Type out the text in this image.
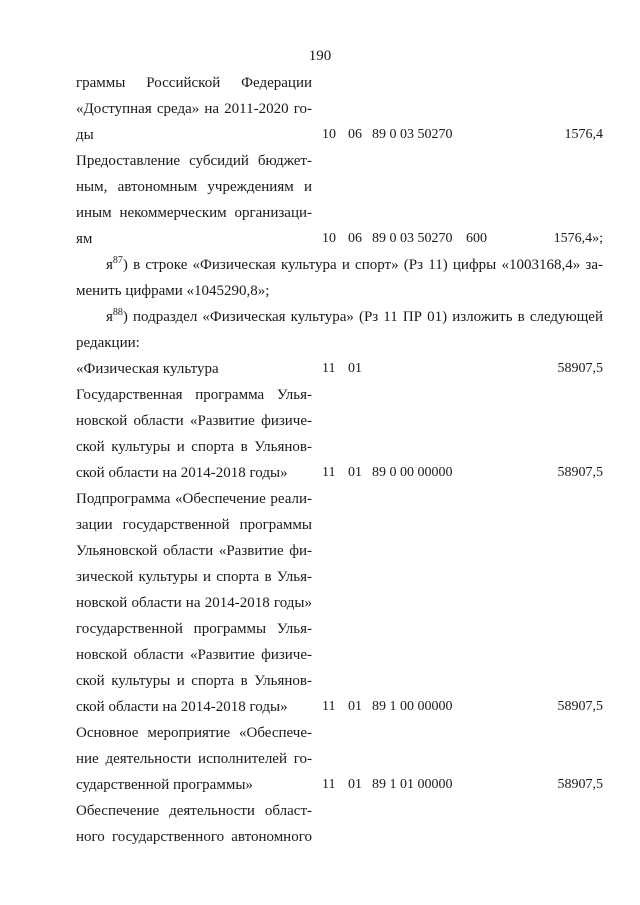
190
граммы Российской Федерации
«Доступная среда» на 2011-2020 го-
ды	10 06 89 0 03 50270	1576,4
Предоставление субсидий бюджет-
ным, автономным учреждениям и
иным некоммерческим организаци-
ям	10 06 89 0 03 50270 600	1576,4»;
$я^{87}$) в строке «Физическая культура и спорт» (Рз 11) цифры «1003168,4» за-
менить цифрами «1045290,8»;
$я^{88}$) подраздел «Физическая культура» (Рз 11 ПР 01) изложить в следующей
редакции:
«Физическая культура	11 01	58907,5
Государственная программа Улья-
новской области «Развитие физиче-
ской культуры и спорта в Ульянов-
ской области на 2014-2018 годы»	11 01 89 0 00 00000	58907,5
Подпрограмма «Обеспечение реали-
зации государственной программы
Ульяновской области «Развитие фи-
зической культуры и спорта в Улья-
новской области на 2014-2018 годы»
государственной программы Улья-
новской области «Развитие физиче-
ской культуры и спорта в Ульянов-
ской области на 2014-2018 годы»	11 01 89 1 00 00000	58907,5
Основное мероприятие «Обеспече-
ние деятельности исполнителей го-
сударственной программы»	11 01 89 1 01 00000	58907,5
Обеспечение деятельности област-
ного государственного автономного
